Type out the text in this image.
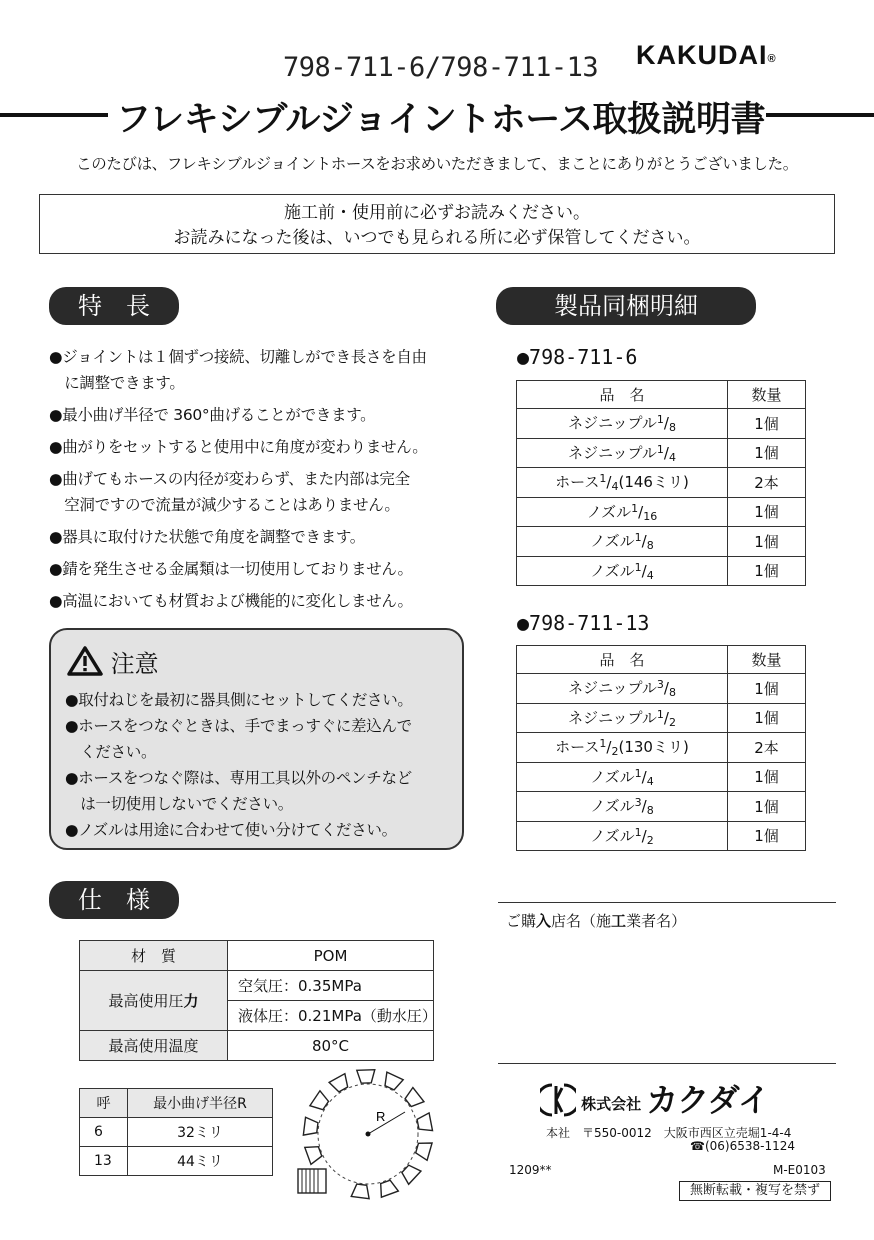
798-711-6/798-711-13 KAKUDAI®
フレキシブルジョイントホース取扱説明書
このたびは、フレキシブルジョイントホースをお求めいただきまして、まことにありがとうございました。
施工前・使用前に必ずお読みください。
お読みになった後は、いつでも見られる所に必ず保管してください。
特　長
●ジョイントは１個ずつ接続、切離しができ長さを自由

　に調整できます。

●最小曲げ半径で 360°曲げることができます。

●曲がりをセットすると使用中に角度が変わりません。

●曲げてもホースの内径が変わらず、また内部は完全

　空洞ですので流量が減少することはありません。

●器具に取付けた状態で角度を調整できます。

●錆を発生させる金属類は一切使用しておりません。

●高温においても材質および機能的に変化しません。

注意
●取付ねじを最初に器具側にセットしてください。
●ホースをつなぐときは、手でまっすぐに差込んで
　ください。
●ホースをつなぐ際は、専用工具以外のペンチなど
　は一切使用しないでください。
●ノズルは用途に合わせて使い分けてください。
製品同梱明細
●798-711-6
品　名	数量
ネジニップル$^1/_8$	1個
ネジニップル$^1/_4$	1個
ホース$^1/_4(146$ミリ)	2本
ノズル$^1/_{16}$	1個
ノズル$^1/_8$	1個
ノズル$^1/_4$	1個
●798-711-13
品　名	数量
ネジニップル$^3/_8$	1個
ネジニップル$^1/_2$	1個
ホース$^1/_2(130$ミリ)	2本
ノズル$^1/_4$	1個
ノズル$^3/_8$	1個
ノズル$^1/_2$	1個
仕　様
材　質	POM
最高使用圧力	空気圧：0.35MPa
	液体圧：0.21MPa（動水圧）
最高使用温度	80°C
呼	最小曲げ半径R
6	32ミリ
13	44ミリ
R
ご購入店名（施工業者名）
株式会社 カクダイ
本社　 〒550-0012　大阪市西区立売堀1-4-4
☎(06)6538-1124
1209**	M-E0103
無断転載・複写を禁ず
